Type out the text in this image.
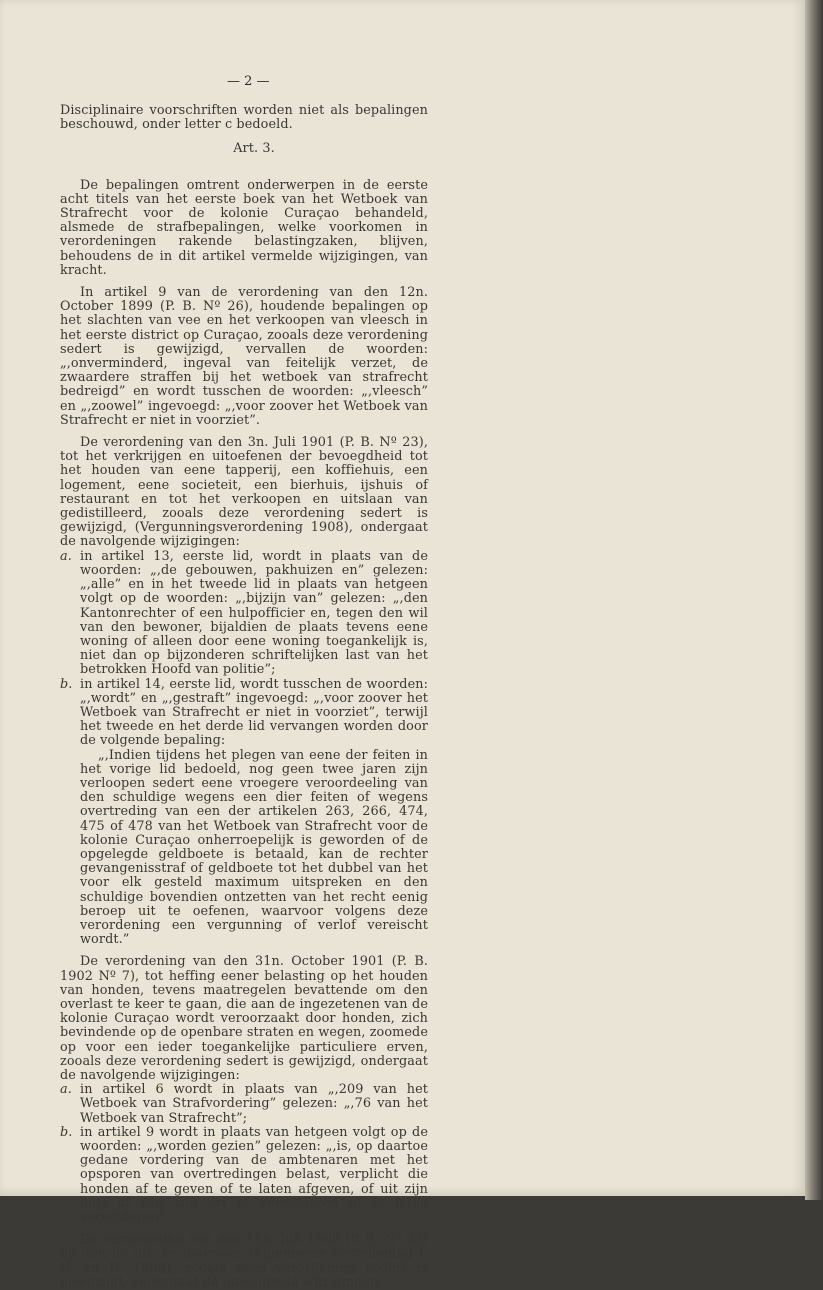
— 2 —

Disciplinaire voorschriften worden niet als bepalingen beschouwd, onder letter c bedoeld.

Art. 3.

De bepalingen omtrent onderwerpen in de eerste acht titels van het eerste boek van het Wetboek van Strafrecht voor de kolonie Curaçao behandeld, alsmede de strafbepalingen, welke voorkomen in verordeningen rakende belastingzaken, blijven, behoudens de in dit artikel vermelde wijzigingen, van kracht.

In artikel 9 van de verordening van den 12n. October 1899 (P. B. Nº 26), houdende bepalingen op het slachten van vee en het verkoopen van vleesch in het eerste district op Curaçao, zooals deze verordening sedert is gewijzigd, vervallen de woorden: „,onverminderd, ingeval van feitelijk verzet, de zwaardere straffen bij het wetboek van strafrecht bedreigd” en wordt tusschen de woorden: „,vleesch” en „,zoowel” ingevoegd: „,voor zoover het Wetboek van Strafrecht er niet in voorziet”.

De verordening van den 3n. Juli 1901 (P. B. Nº 23), tot het verkrijgen en uitoefenen der bevoegdheid tot het houden van eene tapperij, een koffiehuis, een logement, eene societeit, een bierhuis, ijshuis of restaurant en tot het verkoopen en uitslaan van gedistilleerd, zooals deze verordening sedert is gewijzigd, (Vergunningsverordening 1908), ondergaat de navolgende wijzigingen:

a. in artikel 13, eerste lid, wordt in plaats van de woorden: „,de gebouwen, pakhuizen en” gelezen: „,alle” en in het tweede lid in plaats van hetgeen volgt op de woorden: „,bijzijn van” gelezen: „,den Kantonrechter of een hulpofficier en, tegen den wil van den bewoner, bijaldien de plaats tevens eene woning of alleen door eene woning toegankelijk is, niet dan op bijzonderen schriftelijken last van het betrokken Hoofd van politie”;

b. in artikel 14, eerste lid, wordt tusschen de woorden: „,wordt” en „,gestraft” ingevoegd: „,voor zoover het Wetboek van Strafrecht er niet in voorziet”, terwijl het tweede en het derde lid vervangen worden door de volgende bepaling:

„,Indien tijdens het plegen van eene der feiten in het vorige lid bedoeld, nog geen twee jaren zijn verloopen sedert eene vroegere veroordeeling van den schuldige wegens een dier feiten of wegens overtreding van een der artikelen 263, 266, 474, 475 of 478 van het Wetboek van Strafrecht voor de kolonie Curaçao onherroepelijk is geworden of de opgelegde geldboete is betaald, kan de rechter gevangenisstraf of geldboete tot het dubbel van het voor elk gesteld maximum uitspreken en den schuldige bovendien ontzetten van het recht eenig beroep uit te oefenen, waarvoor volgens deze verordening een vergunning of verlof vereischt wordt.”

De verordening van den 31n. October 1901 (P. B. 1902 Nº 7), tot heffing eener belasting op het houden van honden, tevens maatregelen bevattende om den overlast te keer te gaan, die aan de ingezetenen van de kolonie Curaçao wordt veroorzaakt door honden, zich bevindende op de openbare straten en wegen, zoomede op voor een ieder toegankelijke particuliere erven, zooals deze verordening sedert is gewijzigd, ondergaat de navolgende wijzigingen:

a. in artikel 6 wordt in plaats van „,209 van het Wetboek van Strafvordering” gelezen: „,76 van het Wetboek van Strafrecht”;

b. in artikel 9 wordt in plaats van hetgeen volgt op de woorden: „,worden gezien” gelezen: „,is, op daartoe gedane vordering van de ambtenaren met het opsporen van overtredingen belast, verplicht die honden af te geven of te laten afgeven, of uit zijn huis of van zijn erf te verwijderen of te laten verwijderen”.

De verordening van den 16n. Juli 1908 (P. B. Nº 33) op den in- uit- en doorvoer (Algemeene Verordening I. U. en D. 1908), zooals deze verordening sedert is gewijzigd, ondergaat de navolgende wijzigingen:
